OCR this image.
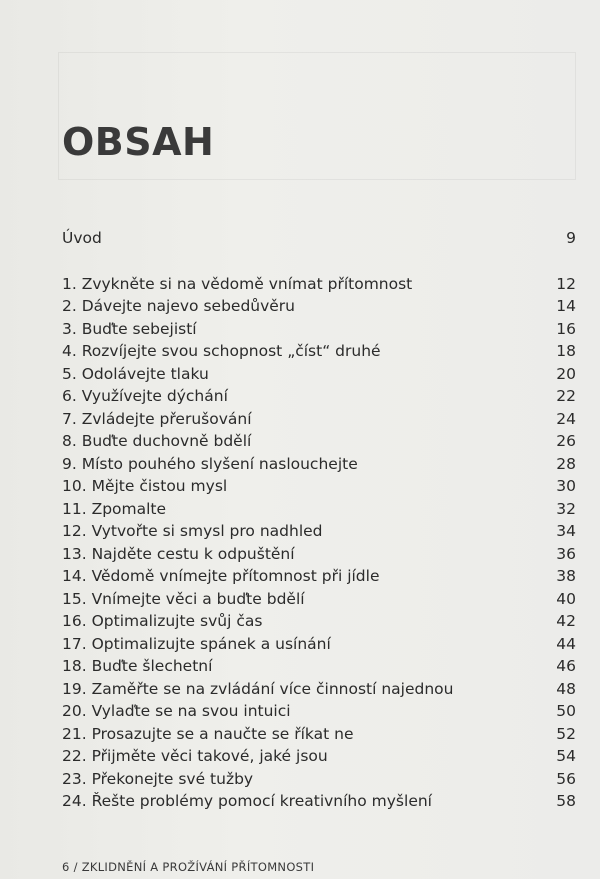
OBSAH
Úvod	9
1. Zvykněte si na vědomě vnímat přítomnost	12
2. Dávejte najevo sebedůvěru	14
3. Buďte sebejistí	16
4. Rozvíjejte svou schopnost „číst“ druhé	18
5. Odolávejte tlaku	20
6. Využívejte dýchání	22
7. Zvládejte přerušování	24
8. Buďte duchovně bdělí	26
9. Místo pouhého slyšení naslouchejte	28
10. Mějte čistou mysl	30
11. Zpomalte	32
12. Vytvořte si smysl pro nadhled	34
13. Najděte cestu k odpuštění	36
14. Vědomě vnímejte přítomnost při jídle	38
15. Vnímejte věci a buďte bdělí	40
16. Optimalizujte svůj čas	42
17. Optimalizujte spánek a usínání	44
18. Buďte šlechetní	46
19. Zaměřte se na zvládání více činností najednou	48
20. Vylaďte se na svou intuici	50
21. Prosazujte se a naučte se říkat ne	52
22. Přijměte věci takové, jaké jsou	54
23. Překonejte své tužby	56
24. Řešte problémy pomocí kreativního myšlení	58
6 / ZKLIDNĚNÍ A PROŽÍVÁNÍ PŘÍTOMNOSTI
